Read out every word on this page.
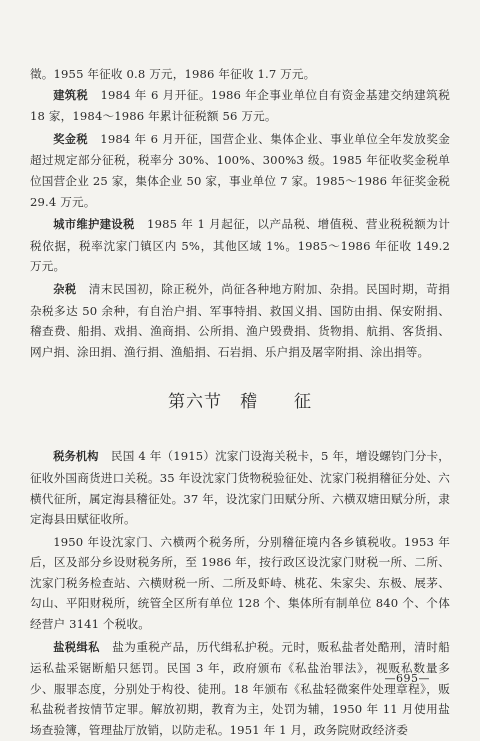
徵。1955 年征收 0.8 万元，1986 年征收 1.7 万元。

建筑税 1984 年 6 月开征。1986 年企事业单位自有资金基建交纳建筑税 18 家，1984～1986 年累计征税额 56 万元。

奖金税 1984 年 6 月开征，国营企业、集体企业、事业单位全年发放奖金超过规定部分征税，税率分 30%、100%、300%3 级。1985 年征收奖金税单位国营企业 25 家，集体企业 50 家，事业单位 7 家。1985～1986 年征奖金税 29.4 万元。

城市维护建设税 1985 年 1 月起征，以产品税、增值税、营业税税额为计税依据，税率沈家门镇区内 5%，其他区域 1%。1985～1986 年征收 149.2 万元。

杂税 清末民国初，除正税外，尚征各种地方附加、杂捐。民国时期，苛捐杂税多达 50 余种，有自治户捐、军事特捐、救国义捐、国防由捐、保安附捐、稽查费、船捐、戏捐、渔商捐、公所捐、渔户毁费捐、货物捐、航捐、客货捐、网户捐、涂田捐、渔行捐、渔船捐、石岩捐、乐户捐及屠宰附捐、涂出捐等。

第六节　稽　　征

税务机构 民国 4 年（1915）沈家门设海关税卡，5 年，增设螺钧门分卡，征收外国商货进口关税。35 年设沈家门货物税验征处、沈家门税捐稽征分处、六横代征所，属定海县稽征处。37 年，设沈家门田赋分所、六横双塘田赋分所，隶定海县田赋征收所。

1950 年设沈家门、六横两个税务所，分别稽征境内各乡镇税收。1953 年后，区及部分乡设财税务所，至 1986 年，按行政区设沈家门财税一所、二所、沈家门税务检查站、六横财税一所、二所及虾峙、桃花、朱家尖、东极、展茅、勾山、平阳财税所，统管全区所有单位 128 个、集体所有制单位 840 个、个体经营户 3141 个税收。

盐税缉私 盐为重税产品，历代缉私护税。元时，贩私盐者处酷刑，清时船运私盐采锯断船只惩罚。民国 3 年，政府颁布《私盐治罪法》，视贩私数量多少、服罪态度，分别处于构役、徒刑。18 年颁布《私盐轻微案件处理章程》，贩私盐税者按情节定罪。解放初期，教育为主，处罚为辅，1950 年 11 月使用盐场查验簿，管理盐厅放销，以防走私。1951 年 1 月，政务院财政经济委

—695—
